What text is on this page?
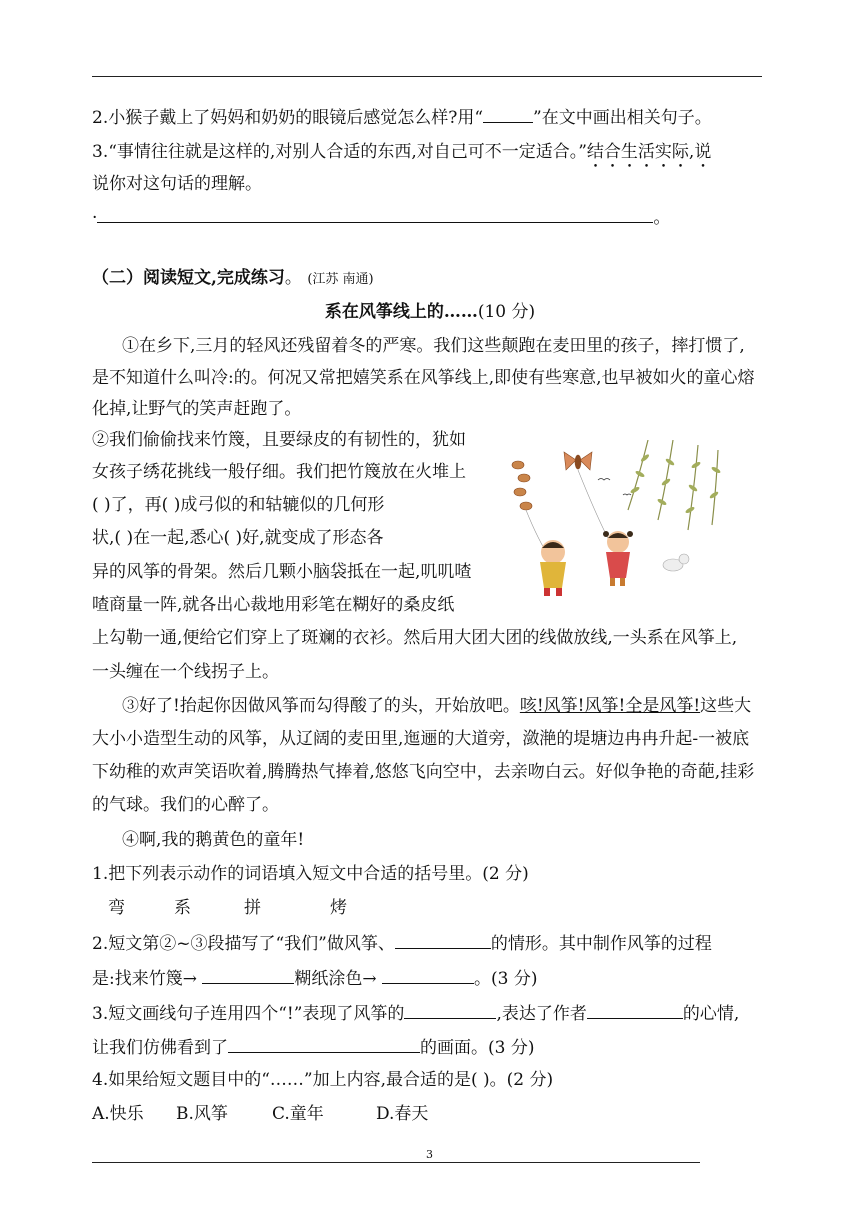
2.小猴子戴上了妈妈和奶奶的眼镜后感觉怎么样?用“	”在文中画出相关句子。
3.“事情往往就是这样的,对别人合适的东西,对自己可不一定适合。”结合生活实际,说
说你对这句话的理解。
·	。
（二）阅读短文,完成练习。 (江苏 南通)
系在风筝线上的……(10 分)
①在乡下,三月的轻风还残留着冬的严寒。我们这些颠跑在麦田里的孩子，摔打惯了,
是不知道什么叫冷:的。何况又常把嬉笑系在风筝线上,即使有些寒意,也早被如火的童心熔
化掉,让野气的笑声赶跑了。
②我们偷偷找来竹篾，且要绿皮的有韧性的，犹如
女孩子绣花挑线一般仔细。我们把竹篾放在火堆上
( )了，再( )成弓似的和轱辘似的几何形
状,( )在一起,悉心( )好,就变成了形态各
异的风筝的骨架。然后几颗小脑袋抵在一起,叽叽喳
喳商量一阵,就各出心裁地用彩笔在糊好的桑皮纸
上勾勒一通,便给它们穿上了斑斓的衣衫。然后用大团大团的线做放线,一头系在风筝上,
一头缠在一个线拐子上。
③好了!抬起你因做风筝而勾得酸了的头，开始放吧。咳!风筝!风筝!全是风筝!这些大
大小小造型生动的风筝，从辽阔的麦田里,迤逦的大道旁，潋滟的堤塘边冉冉升起-一被底
下幼稚的欢声笑语吹着,腾腾热气捧着,悠悠飞向空中，去亲吻白云。好似争艳的奇葩,挂彩
的气球。我们的心醉了。
④啊,我的鹅黄色的童年!
1.把下列表示动作的词语填入短文中合适的括号里。(2 分)
弯	系	拼	烤
2.短文第②~③段描写了“我们”做风筝、	的情形。其中制作风筝的过程
是:找来竹篾→	糊纸涂色→	。(3 分)
3.短文画线句子连用四个“!”表现了风筝的	,表达了作者	的心情,
让我们仿佛看到了	的画面。(3 分)
4.如果给短文题目中的“……”加上内容,最合适的是( )。(2 分)
A.快乐 B.风筝	C.童年	D.春天
3
